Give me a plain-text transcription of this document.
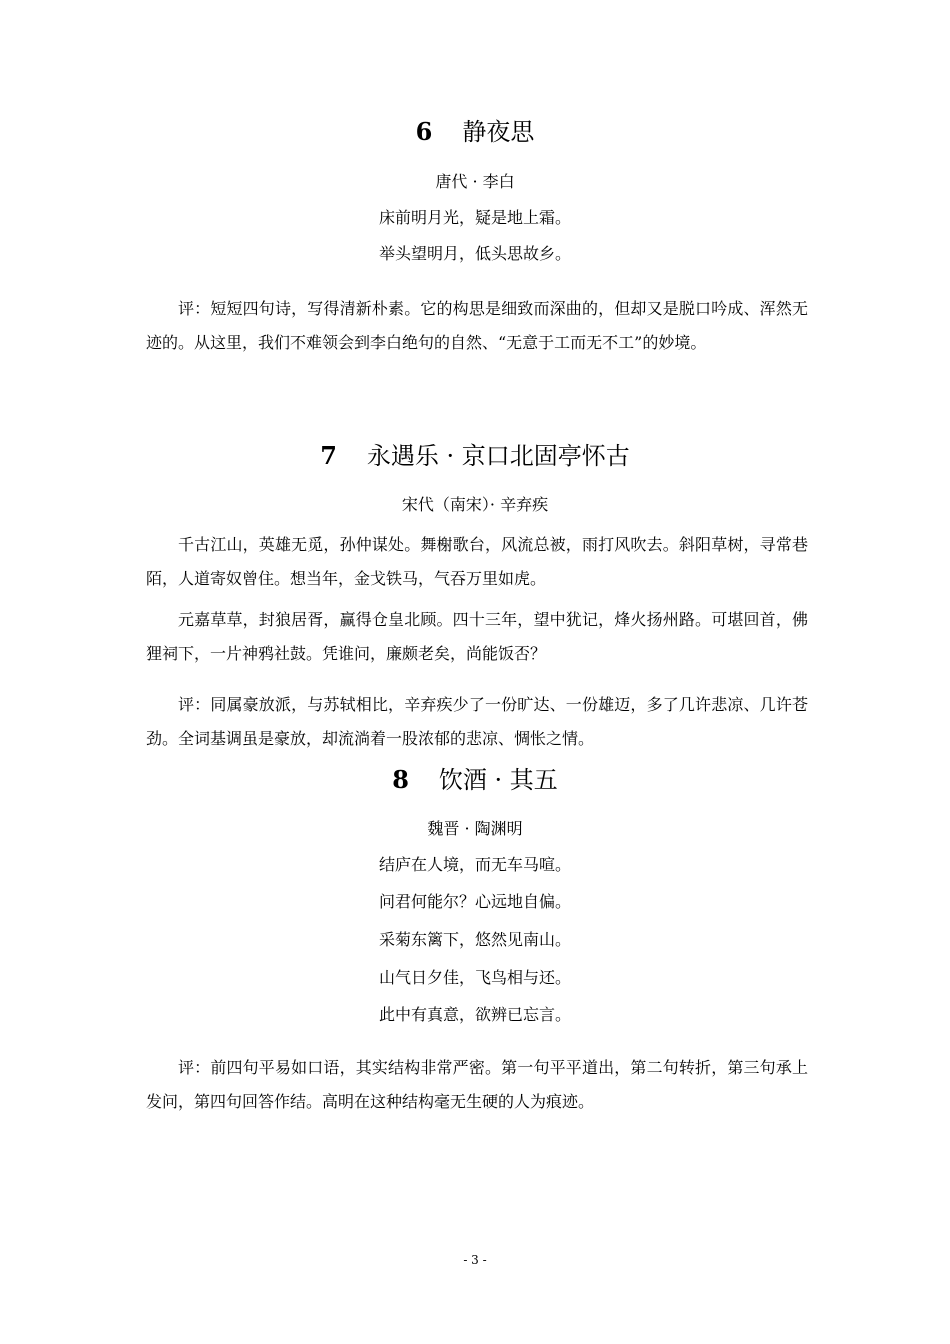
6 静夜思
唐代 · 李白
床前明月光，疑是地上霜。
举头望明月，低头思故乡。

评：短短四句诗，写得清新朴素。它的构思是细致而深曲的，但却又是脱口吟成、浑然无迹的。从这里，我们不难领会到李白绝句的自然、“无意于工而无不工”的妙境。

7 永遇乐 · 京口北固亭怀古
宋代（南宋）· 辛弃疾

千古江山，英雄无觅，孙仲谋处。舞榭歌台，风流总被，雨打风吹去。斜阳草树，寻常巷陌，人道寄奴曾住。想当年，金戈铁马，气吞万里如虎。

元嘉草草，封狼居胥，赢得仓皇北顾。四十三年，望中犹记，烽火扬州路。可堪回首，佛狸祠下，一片神鸦社鼓。凭谁问，廉颇老矣，尚能饭否？

评：同属豪放派，与苏轼相比，辛弃疾少了一份旷达、一份雄迈，多了几许悲凉、几许苍劲。全词基调虽是豪放，却流淌着一股浓郁的悲凉、惆怅之情。

8 饮酒 · 其五
魏晋 · 陶渊明
结庐在人境，而无车马喧。
问君何能尔？心远地自偏。
采菊东篱下，悠然见南山。
山气日夕佳，飞鸟相与还。
此中有真意，欲辨已忘言。

评：前四句平易如口语，其实结构非常严密。第一句平平道出，第二句转折，第三句承上发问，第四句回答作结。高明在这种结构毫无生硬的人为痕迹。

- 3 -
